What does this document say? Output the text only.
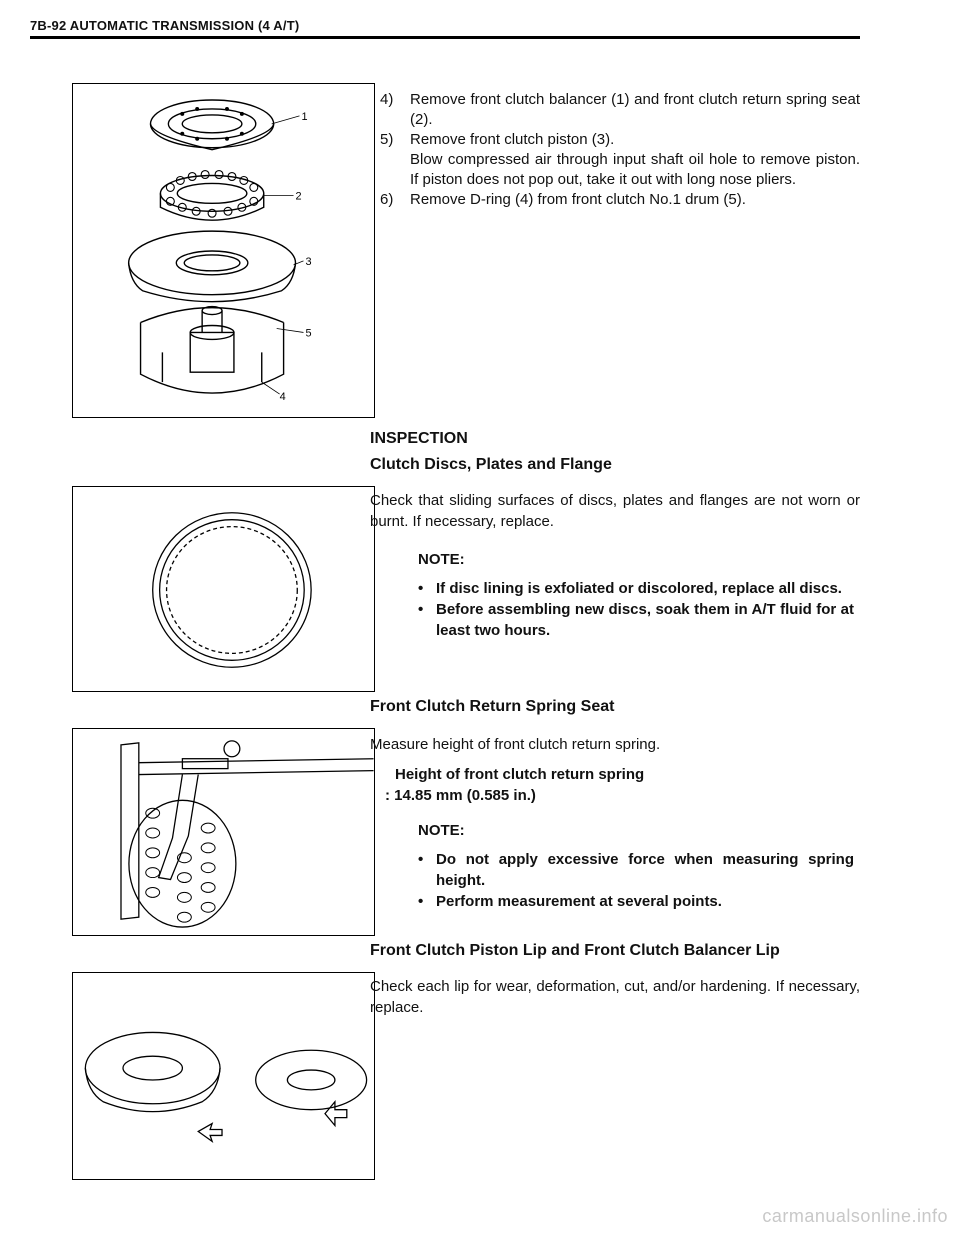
7B-92 AUTOMATIC TRANSMISSION (4 A/T)
1
2
3
5
4

4) Remove front clutch balancer (1) and front clutch return spring seat (2).

5) Remove front clutch piston (3).
Blow compressed air through input shaft oil hole to remove piston. If piston does not pop out, take it out with long nose pliers.

6) Remove D-ring (4) from front clutch No.1 drum (5).

INSPECTION
Clutch Discs, Plates and Flange
Check that sliding surfaces of discs, plates and flanges are not worn or burnt. If necessary, replace.
NOTE:
• If disc lining is exfoliated or discolored, replace all discs.
• Before assembling new discs, soak them in A/T fluid for at least two hours.
Front Clutch Return Spring Seat
Measure height of front clutch return spring.
Height of front clutch return spring
: 14.85 mm (0.585 in.)
NOTE:
• Do not apply excessive force when measuring spring height.
• Perform measurement at several points.
Front Clutch Piston Lip and Front Clutch Balancer Lip
Check each lip for wear, deformation, cut, and/or hardening. If necessary, replace.
carmanualsonline.info
